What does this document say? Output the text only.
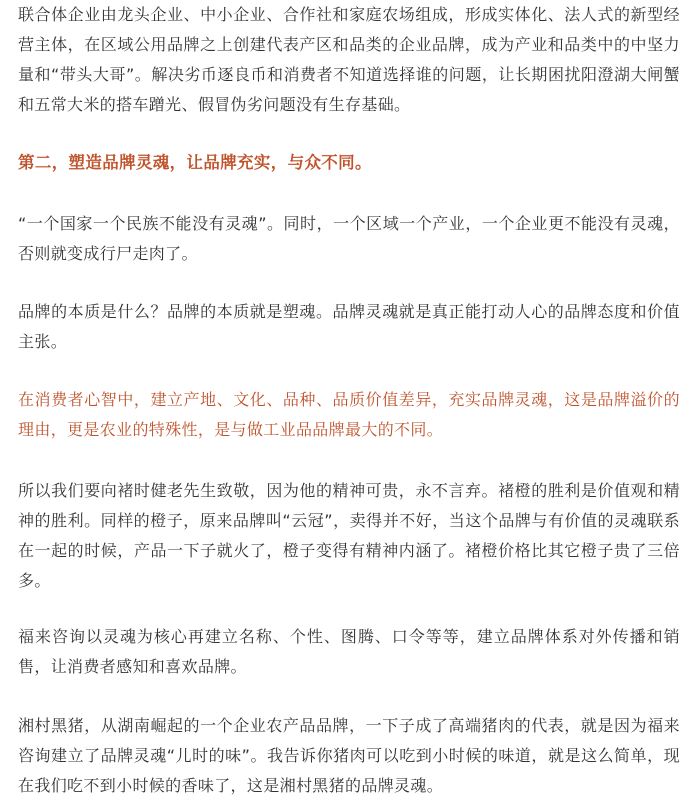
联合体企业由龙头企业、中小企业、合作社和家庭农场组成，形成实体化、法人式的新型经营主体，在区域公用品牌之上创建代表产区和品类的企业品牌，成为产业和品类中的中坚力量和“带头大哥”。解决劣币逐良币和消费者不知道选择谁的问题，让长期困扰阳澄湖大闸蟹和五常大米的搭车蹭光、假冒伪劣问题没有生存基础。

第二，塑造品牌灵魂，让品牌充实，与众不同。

“一个国家一个民族不能没有灵魂”。同时，一个区域一个产业，一个企业更不能没有灵魂，否则就变成行尸走肉了。

品牌的本质是什么？品牌的本质就是塑魂。品牌灵魂就是真正能打动人心的品牌态度和价值主张。

在消费者心智中，建立产地、文化、品种、品质价值差异，充实品牌灵魂，这是品牌溢价的理由，更是农业的特殊性，是与做工业品品牌最大的不同。

所以我们要向褚时健老先生致敬，因为他的精神可贵，永不言弃。褚橙的胜利是价值观和精神的胜利。同样的橙子，原来品牌叫“云冠”，卖得并不好，当这个品牌与有价值的灵魂联系在一起的时候，产品一下子就火了，橙子变得有精神内涵了。褚橙价格比其它橙子贵了三倍多。

福来咨询以灵魂为核心再建立名称、个性、图腾、口令等等，建立品牌体系对外传播和销售，让消费者感知和喜欢品牌。

湘村黑猪，从湖南崛起的一个企业农产品品牌，一下子成了高端猪肉的代表，就是因为福来咨询建立了品牌灵魂“儿时的味”。我告诉你猪肉可以吃到小时候的味道，就是这么简单，现在我们吃不到小时候的香味了，这是湘村黑猪的品牌灵魂。
